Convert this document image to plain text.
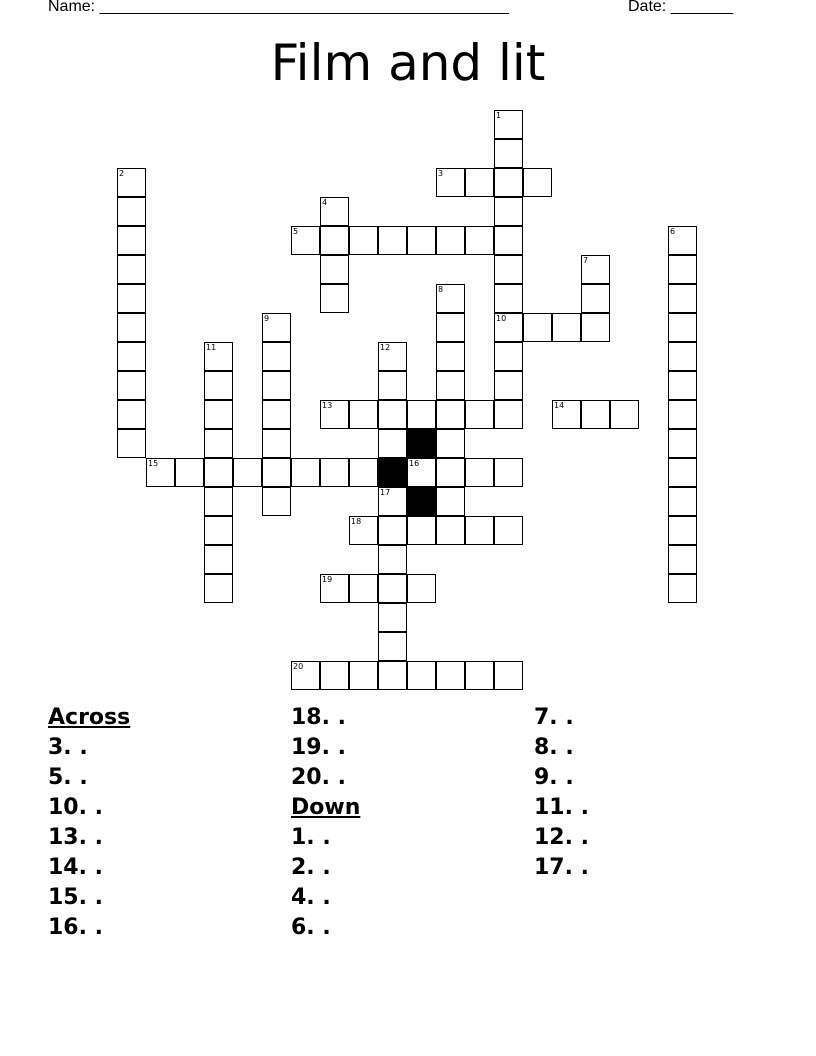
Name: ______________________________________________	Date: _______
Film and lit
1
10
2	3
4
5	6
7
8
9
11	12
17
13	14
15	16
18
19
20
Across
3. .
5. .
10. .
13. .
14. .
15. .
16. .
18. .
19. .
20. .
Down
1. .
2. .
4. .
6. .
7. .
8. .
9. .
11. .
12. .
17. .
